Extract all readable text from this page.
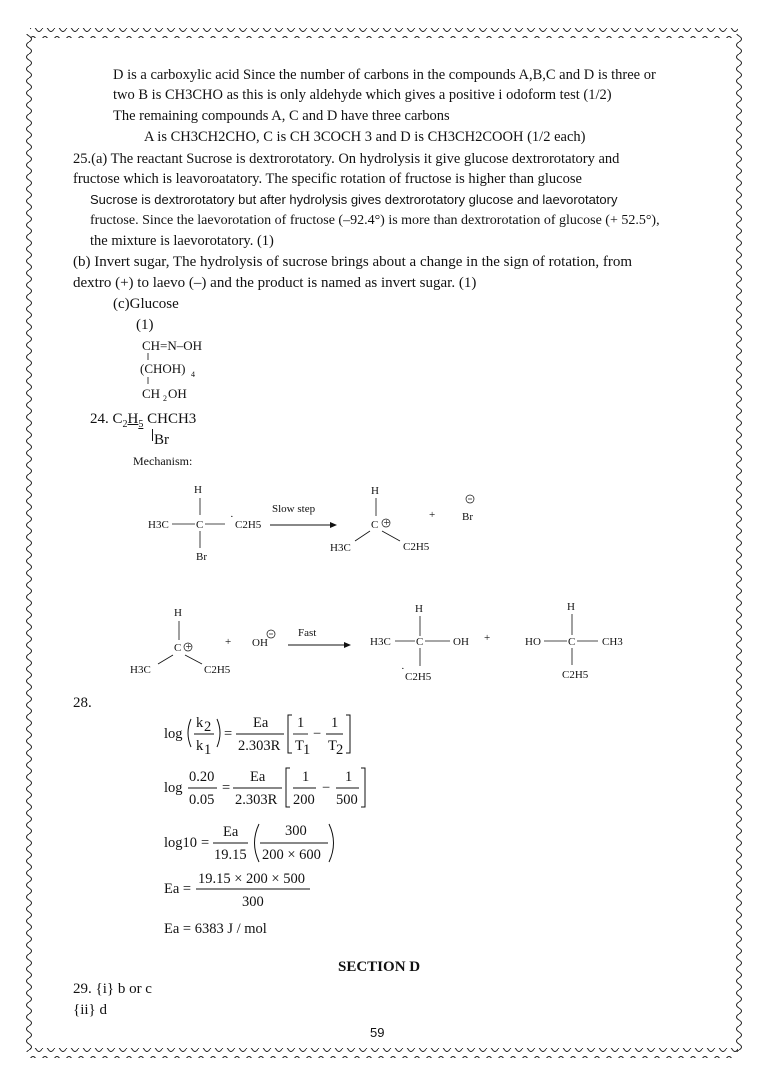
D is a carboxylic acid Since the number of carbons in the compounds A,B,C and D is three or
two B is CH3CHO as this is only aldehyde which gives a positive i odoform test (1/2)
The remaining compounds A, C and D have three carbons
A is CH3CH2CHO, C is CH 3COCH 3 and D is CH3CH2COOH (1/2 each)
25.(a) The reactant Sucrose is dextrorotatory. On hydrolysis it give glucose dextrorotatory and
fructose which is leavoroatatory. The specific rotation of fructose is higher than glucose
Sucrose is dextrorotatory but after hydrolysis gives dextrorotatory glucose and laevorotatory
fructose. Since the laevorotation of fructose (–92.4°) is more than dextrorotation of glucose (+ 52.5°),
the mixture is laevorotatory. (1)
(b) Invert sugar, The hydrolysis of sucrose brings about a change in the sign of rotation, from
dextro (+) to laevo (–) and the product is named as invert sugar. (1)
(c)Glucose
(1)
CH=N–OH
(CHOH) 4
CH 2 OH
24. $C_2H_5$ CHCH3
Br
Mechanism:
H
H3C C
·
C2H5
Br
Slow step
H
C +
H3C	C2H5
+ Br
H
C +
H3C	C2H5
+ OH
Fast
H
H3C C	OH
·
C2H5
+
H
HO C CH3
C2H5
28.
log
k 2
k 1
=
Ea
2.303R
1
T 1
−
1
T 2
log
0.20
0.05
=
Ea
2.303R
1
200
−
1
500
log10 =
Ea
19.15
300
200 × 600
Ea =
19.15 × 200 × 500
300
Ea = 6383 J / mol
SECTION D
29. {i} b or c
{ii} d
59
